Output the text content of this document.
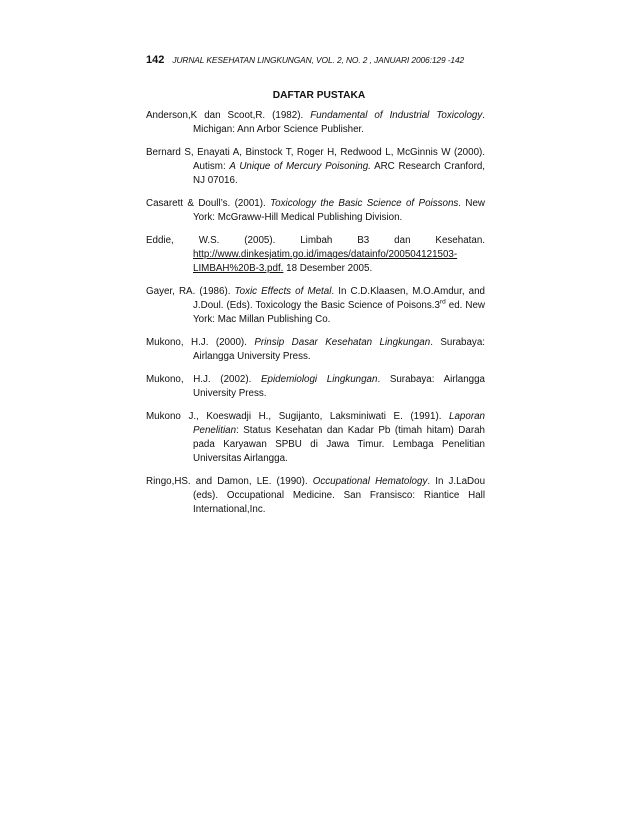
142 JURNAL KESEHATAN LINGKUNGAN, VOL. 2, NO. 2 , JANUARI 2006:129 -142
DAFTAR PUSTAKA

Anderson,K dan Scoot,R. (1982). Fundamental of Industrial Toxicology. Michigan: Ann Arbor Science Publisher.

Bernard S, Enayati A, Binstock T, Roger H, Redwood L, McGinnis W (2000). Autism: A Unique of Mercury Poisoning. ARC Research Cranford, NJ 07016.

Casarett & Doull’s. (2001). Toxicology the Basic Science of Poissons. New York: McGraww-Hill Medical Publishing Division.

Eddie, W.S. (2005). Limbah B3 dan Kesehatan. http://www.dinkesjatim.go.id/images/datainfo/200504121503-LIMBAH%20B-3.pdf. 18 Desember 2005.

Gayer, RA. (1986). Toxic Effects of Metal. In C.D.Klaasen, M.O.Amdur, and J.Doul. (Eds). Toxicology the Basic Science of Poisons.3rd ed. New York: Mac Millan Publishing Co.

Mukono, H.J. (2000). Prinsip Dasar Kesehatan Lingkungan. Surabaya: Airlangga University Press.

Mukono, H.J. (2002). Epidemiologi Lingkungan. Surabaya: Airlangga University Press.

Mukono J., Koeswadji H., Sugijanto, Laksminiwati E. (1991). Laporan Penelitian: Status Kesehatan dan Kadar Pb (timah hitam) Darah pada Karyawan SPBU di Jawa Timur. Lembaga Penelitian Universitas Airlangga.

Ringo,HS. and Damon, LE. (1990). Occupational Hematology. In J.LaDou (eds). Occupational Medicine. San Fransisco: Riantice Hall International,Inc.
